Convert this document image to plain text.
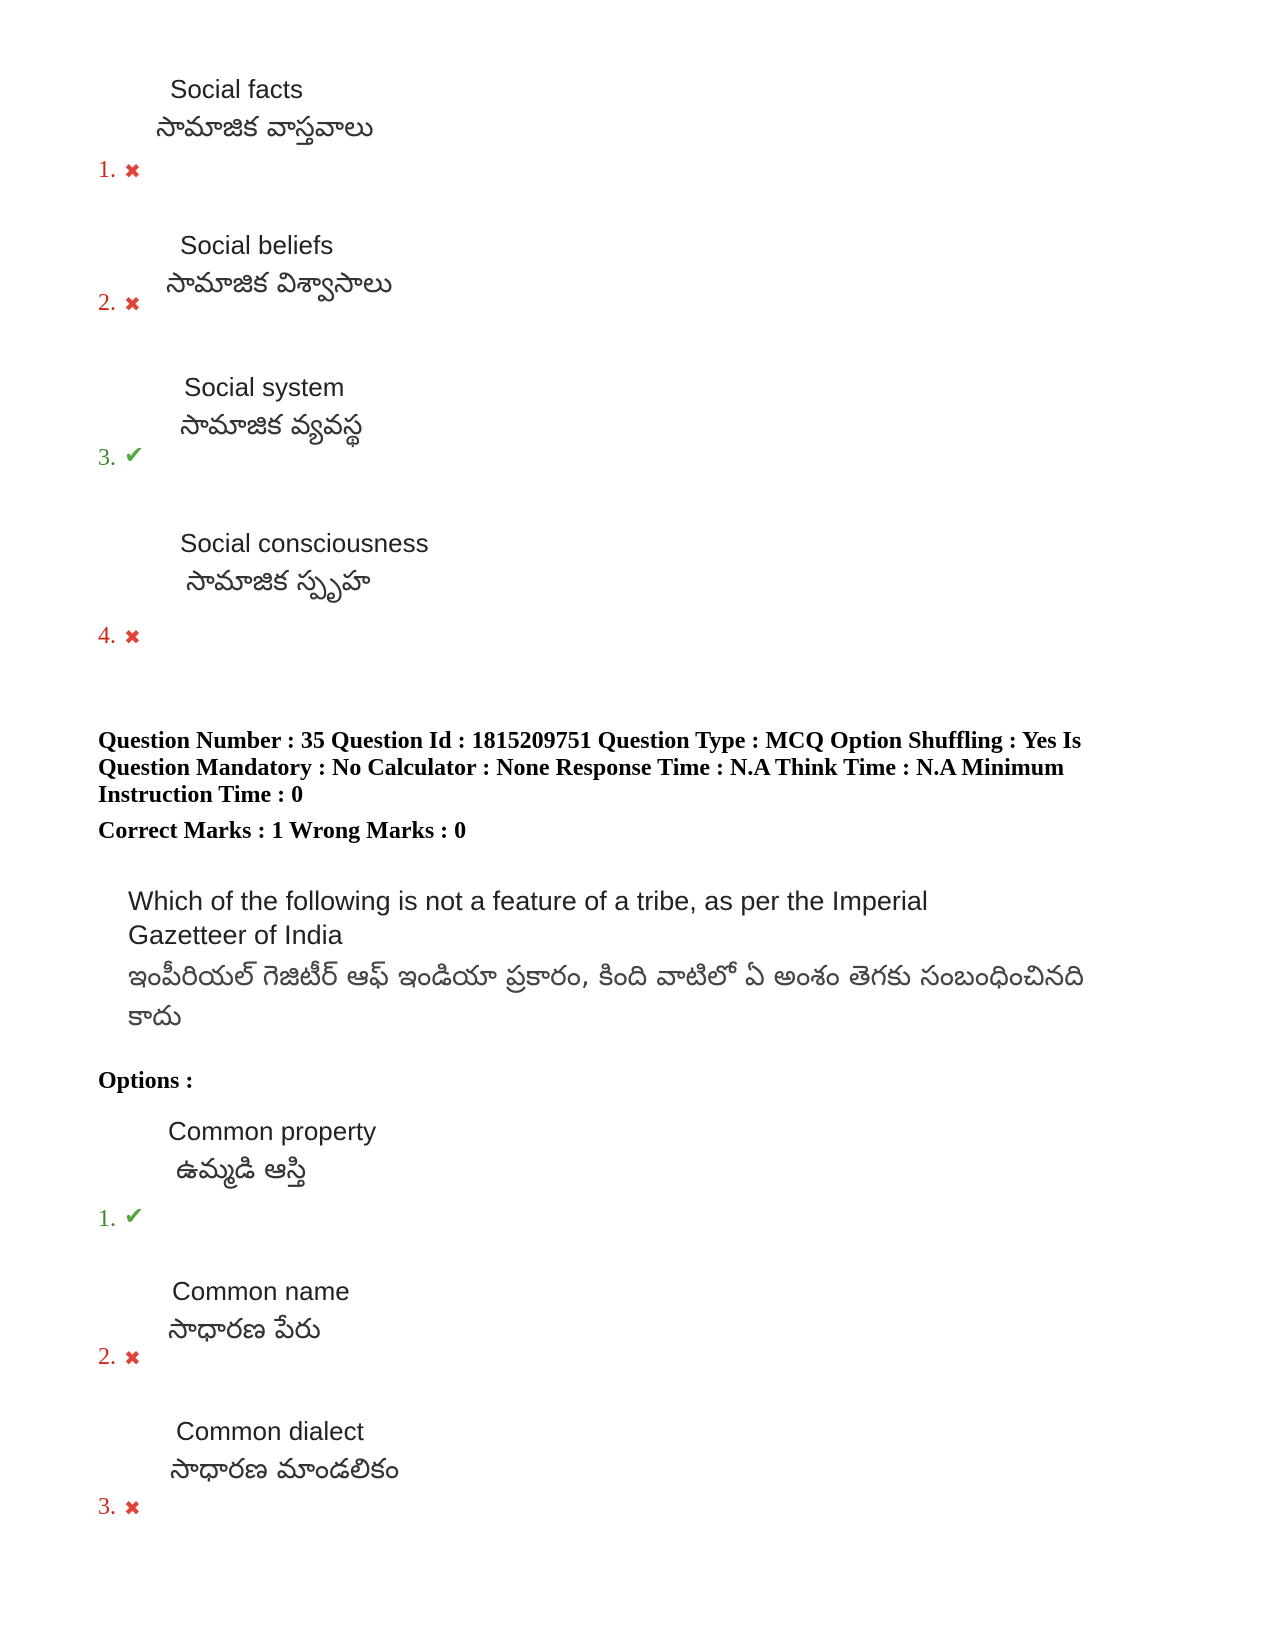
Social facts
సామాజిక వాస్తవాలు
1. ✖
Social beliefs
సామాజిక విశ్వాసాలు
2. ✖
Social system
సామాజిక వ్యవస్థ
3. ✔
Social consciousness
సామాజిక స్పృహ
4. ✖
Question Number : 35 Question Id : 1815209751 Question Type : MCQ Option Shuffling : Yes Is Question Mandatory : No Calculator : None Response Time : N.A Think Time : N.A Minimum Instruction Time : 0
Correct Marks : 1 Wrong Marks : 0
Which of the following is not a feature of a tribe, as per the Imperial Gazetteer of India
ఇంపీరియల్ గెజిటీర్ ఆఫ్ ఇండియా ప్రకారం, కింది వాటిలో ఏ అంశం తెగకు సంబంధించినది కాదు
Options :
Common property
ఉమ్మడి ఆస్తి
1. ✔
Common name
సాధారణ పేరు
2. ✖
Common dialect
సాధారణ మాండలికం
3. ✖
